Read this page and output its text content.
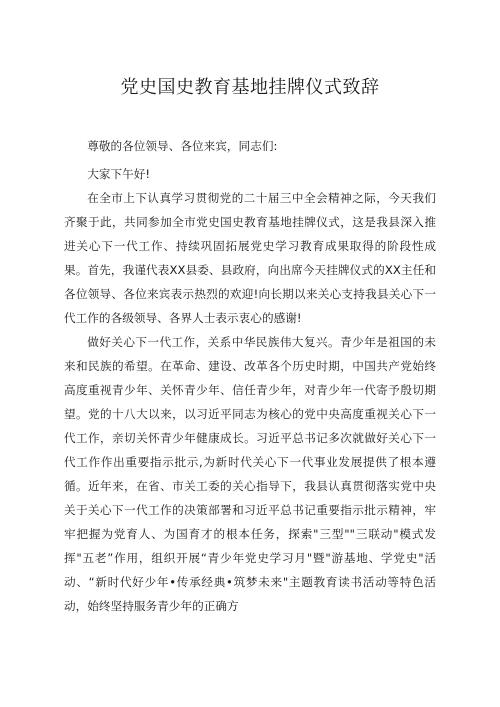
党史国史教育基地挂牌仪式致辞

尊敬的各位领导、各位来宾，同志们:

大家下午好!

在全市上下认真学习贯彻党的二十届三中全会精神之际，今天我们齐聚于此，共同参加全市党史国史教育基地挂牌仪式，这是我县深入推进关心下一代工作、持续巩固拓展党史学习教育成果取得的阶段性成果。首先，我谨代表XX县委、县政府，向出席今天挂牌仪式的XX主任和各位领导、各位来宾表示热烈的欢迎!向长期以来关心支持我县关心下一代工作的各级领导、各界人士表示衷心的感谢!

做好关心下一代工作，关系中华民族伟大复兴。青少年是祖国的未来和民族的希望。在革命、建设、改革各个历史时期，中国共产党始终高度重视青少年、关怀青少年、信任青少年，对青少年一代寄予殷切期望。党的十八大以来，以习近平同志为核心的党中央高度重视关心下一代工作，亲切关怀青少年健康成长。习近平总书记多次就做好关心下一代工作作出重要指示批示,为新时代关心下一代事业发展提供了根本遵循。近年来，在省、市关工委的关心指导下，我县认真贯彻落实党中央关于关心下一代工作的决策部署和习近平总书记重要指示批示精神，牢牢把握为党育人、为国育才的根本任务，探索"三型""三联动"模式发挥"五老”作用，组织开展“青少年党史学习月"暨"游基地、学党史"活动、“新时代好少年•传承经典•筑梦未来"主题教育读书活动等特色活动，始终坚持服务青少年的正确方
